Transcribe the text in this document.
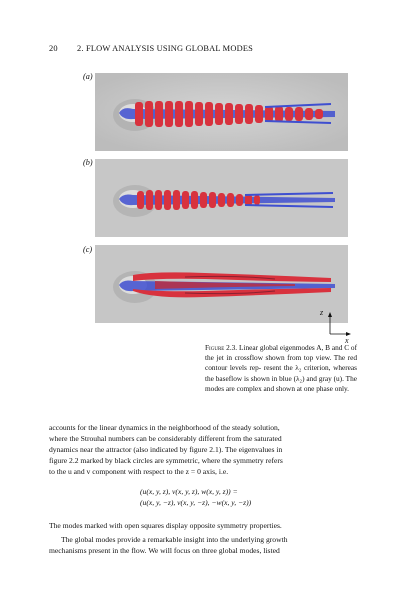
20 2. FLOW ANALYSIS USING GLOBAL MODES
(a)
(b)
(c)
z
x
Figure 2.3. Linear global eigenmodes A, B and C of the jet in crossflow shown from top view. The red contour levels rep- resent the λ₂ criterion, whereas the baseflow is shown in blue (λ₂) and gray (u). The modes are complex and shown at one phase only.
accounts for the linear dynamics in the neighborhood of the steady solution,
where the Strouhal numbers can be considerably different from the saturated
dynamics near the attractor (also indicated by figure 2.1). The eigenvalues in
figure 2.2 marked by black circles are symmetric, where the symmetry refers
to the u and v component with respect to the z = 0 axis, i.e.
(u(x, y, z), v(x, y, z), w(x, y, z)) =
(u(x, y, −z), v(x, y, −z), −w(x, y, −z))
The modes marked with open squares display opposite symmetry properties.
The global modes provide a remarkable insight into the underlying growth
mechanisms present in the flow. We will focus on three global modes, listed
